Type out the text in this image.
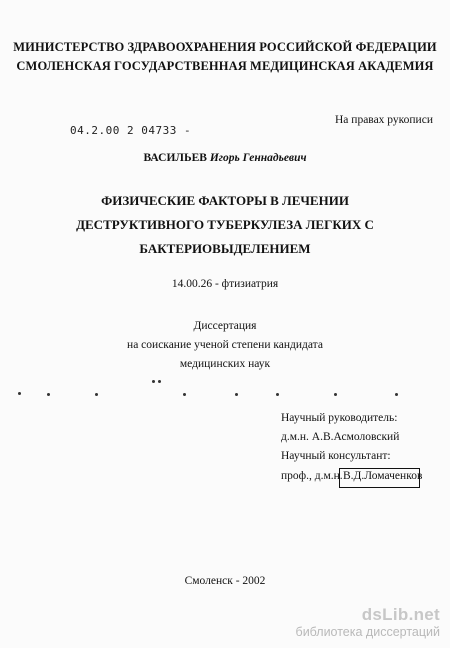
МИНИСТЕРСТВО ЗДРАВООХРАНЕНИЯ РОССИЙСКОЙ ФЕДЕРАЦИИ
СМОЛЕНСКАЯ ГОСУДАРСТВЕННАЯ МЕДИЦИНСКАЯ АКАДЕМИЯ
На правах рукописи
04.2.00 2 04733 -
ВАСИЛЬЕВ Игорь Геннадьевич
ФИЗИЧЕСКИЕ ФАКТОРЫ В ЛЕЧЕНИИ
ДЕСТРУКТИВНОГО ТУБЕРКУЛЕЗА ЛЕГКИХ С
БАКТЕРИОВЫДЕЛЕНИЕМ
14.00.26 - фтизиатрия
Диссертация
на соискание ученой степени кандидата
медицинских наук
Научный руководитель:
д.м.н. А.В.Асмоловский
Научный консультант:
проф., д.м.н. В.Д.Ломаченков
Смоленск - 2002
dsLib.net
библиотека диссертаций
